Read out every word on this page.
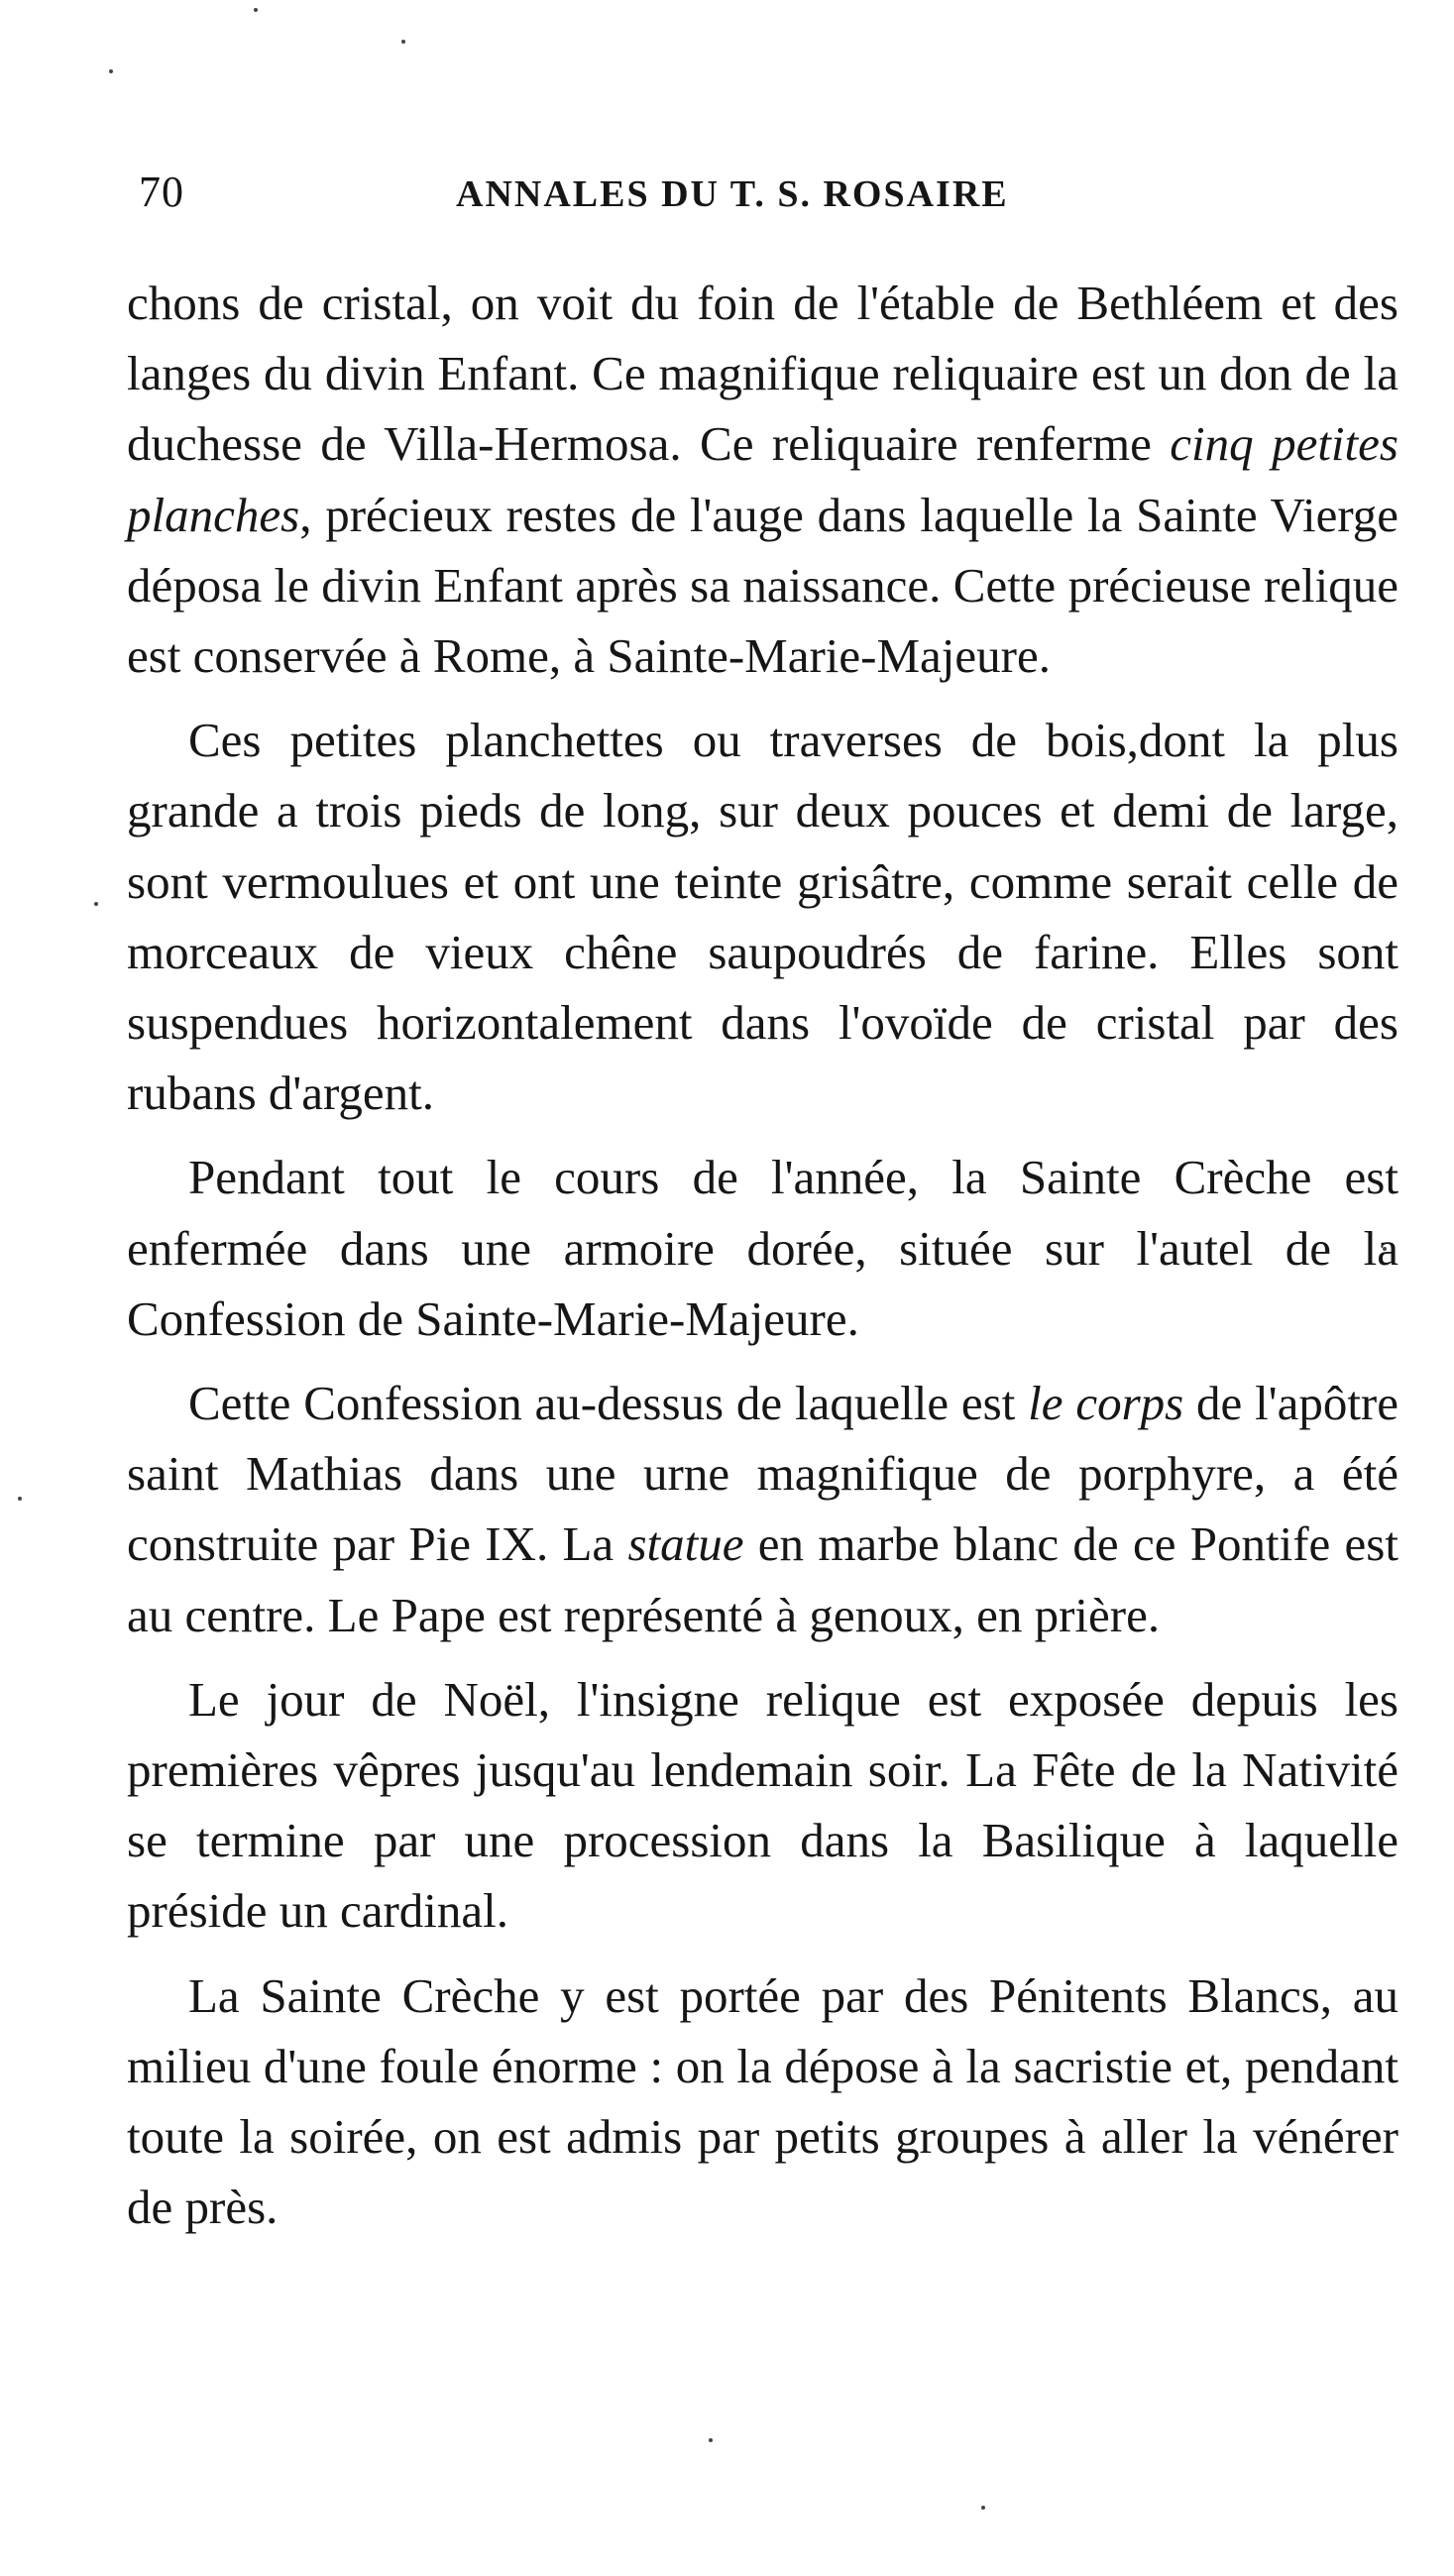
70	ANNALES DU T. S. ROSAIRE

chons de cristal, on voit du foin de l'étable de Bethléem et des langes du divin Enfant. Ce magnifique reliquaire est un don de la duchesse de Villa-Hermosa. Ce reliquaire renferme cinq petites planches, précieux restes de l'auge dans laquelle la Sainte Vierge déposa le divin Enfant après sa naissance. Cette précieuse relique est conservée à Rome, à Sainte-Marie-Majeure.

Ces petites planchettes ou traverses de bois,dont la plus grande a trois pieds de long, sur deux pouces et demi de large, sont vermoulues et ont une teinte grisâtre, comme serait celle de morceaux de vieux chêne saupoudrés de farine. Elles sont suspendues horizontalement dans l'ovoïde de cristal par des rubans d'argent.

Pendant tout le cours de l'année, la Sainte Crèche est enfermée dans une armoire dorée, située sur l'autel de la Confession de Sainte-Marie-Majeure.

Cette Confession au-dessus de laquelle est le corps de l'apôtre saint Mathias dans une urne magnifique de porphyre, a été construite par Pie IX. La statue en marbe blanc de ce Pontife est au centre. Le Pape est représenté à genoux, en prière.

Le jour de Noël, l'insigne relique est exposée depuis les premières vêpres jusqu'au lendemain soir. La Fête de la Nativité se termine par une procession dans la Basilique à laquelle préside un cardinal.

La Sainte Crèche y est portée par des Pénitents Blancs, au milieu d'une foule énorme : on la dépose à la sacristie et, pendant toute la soirée, on est admis par petits groupes à aller la vénérer de près.
